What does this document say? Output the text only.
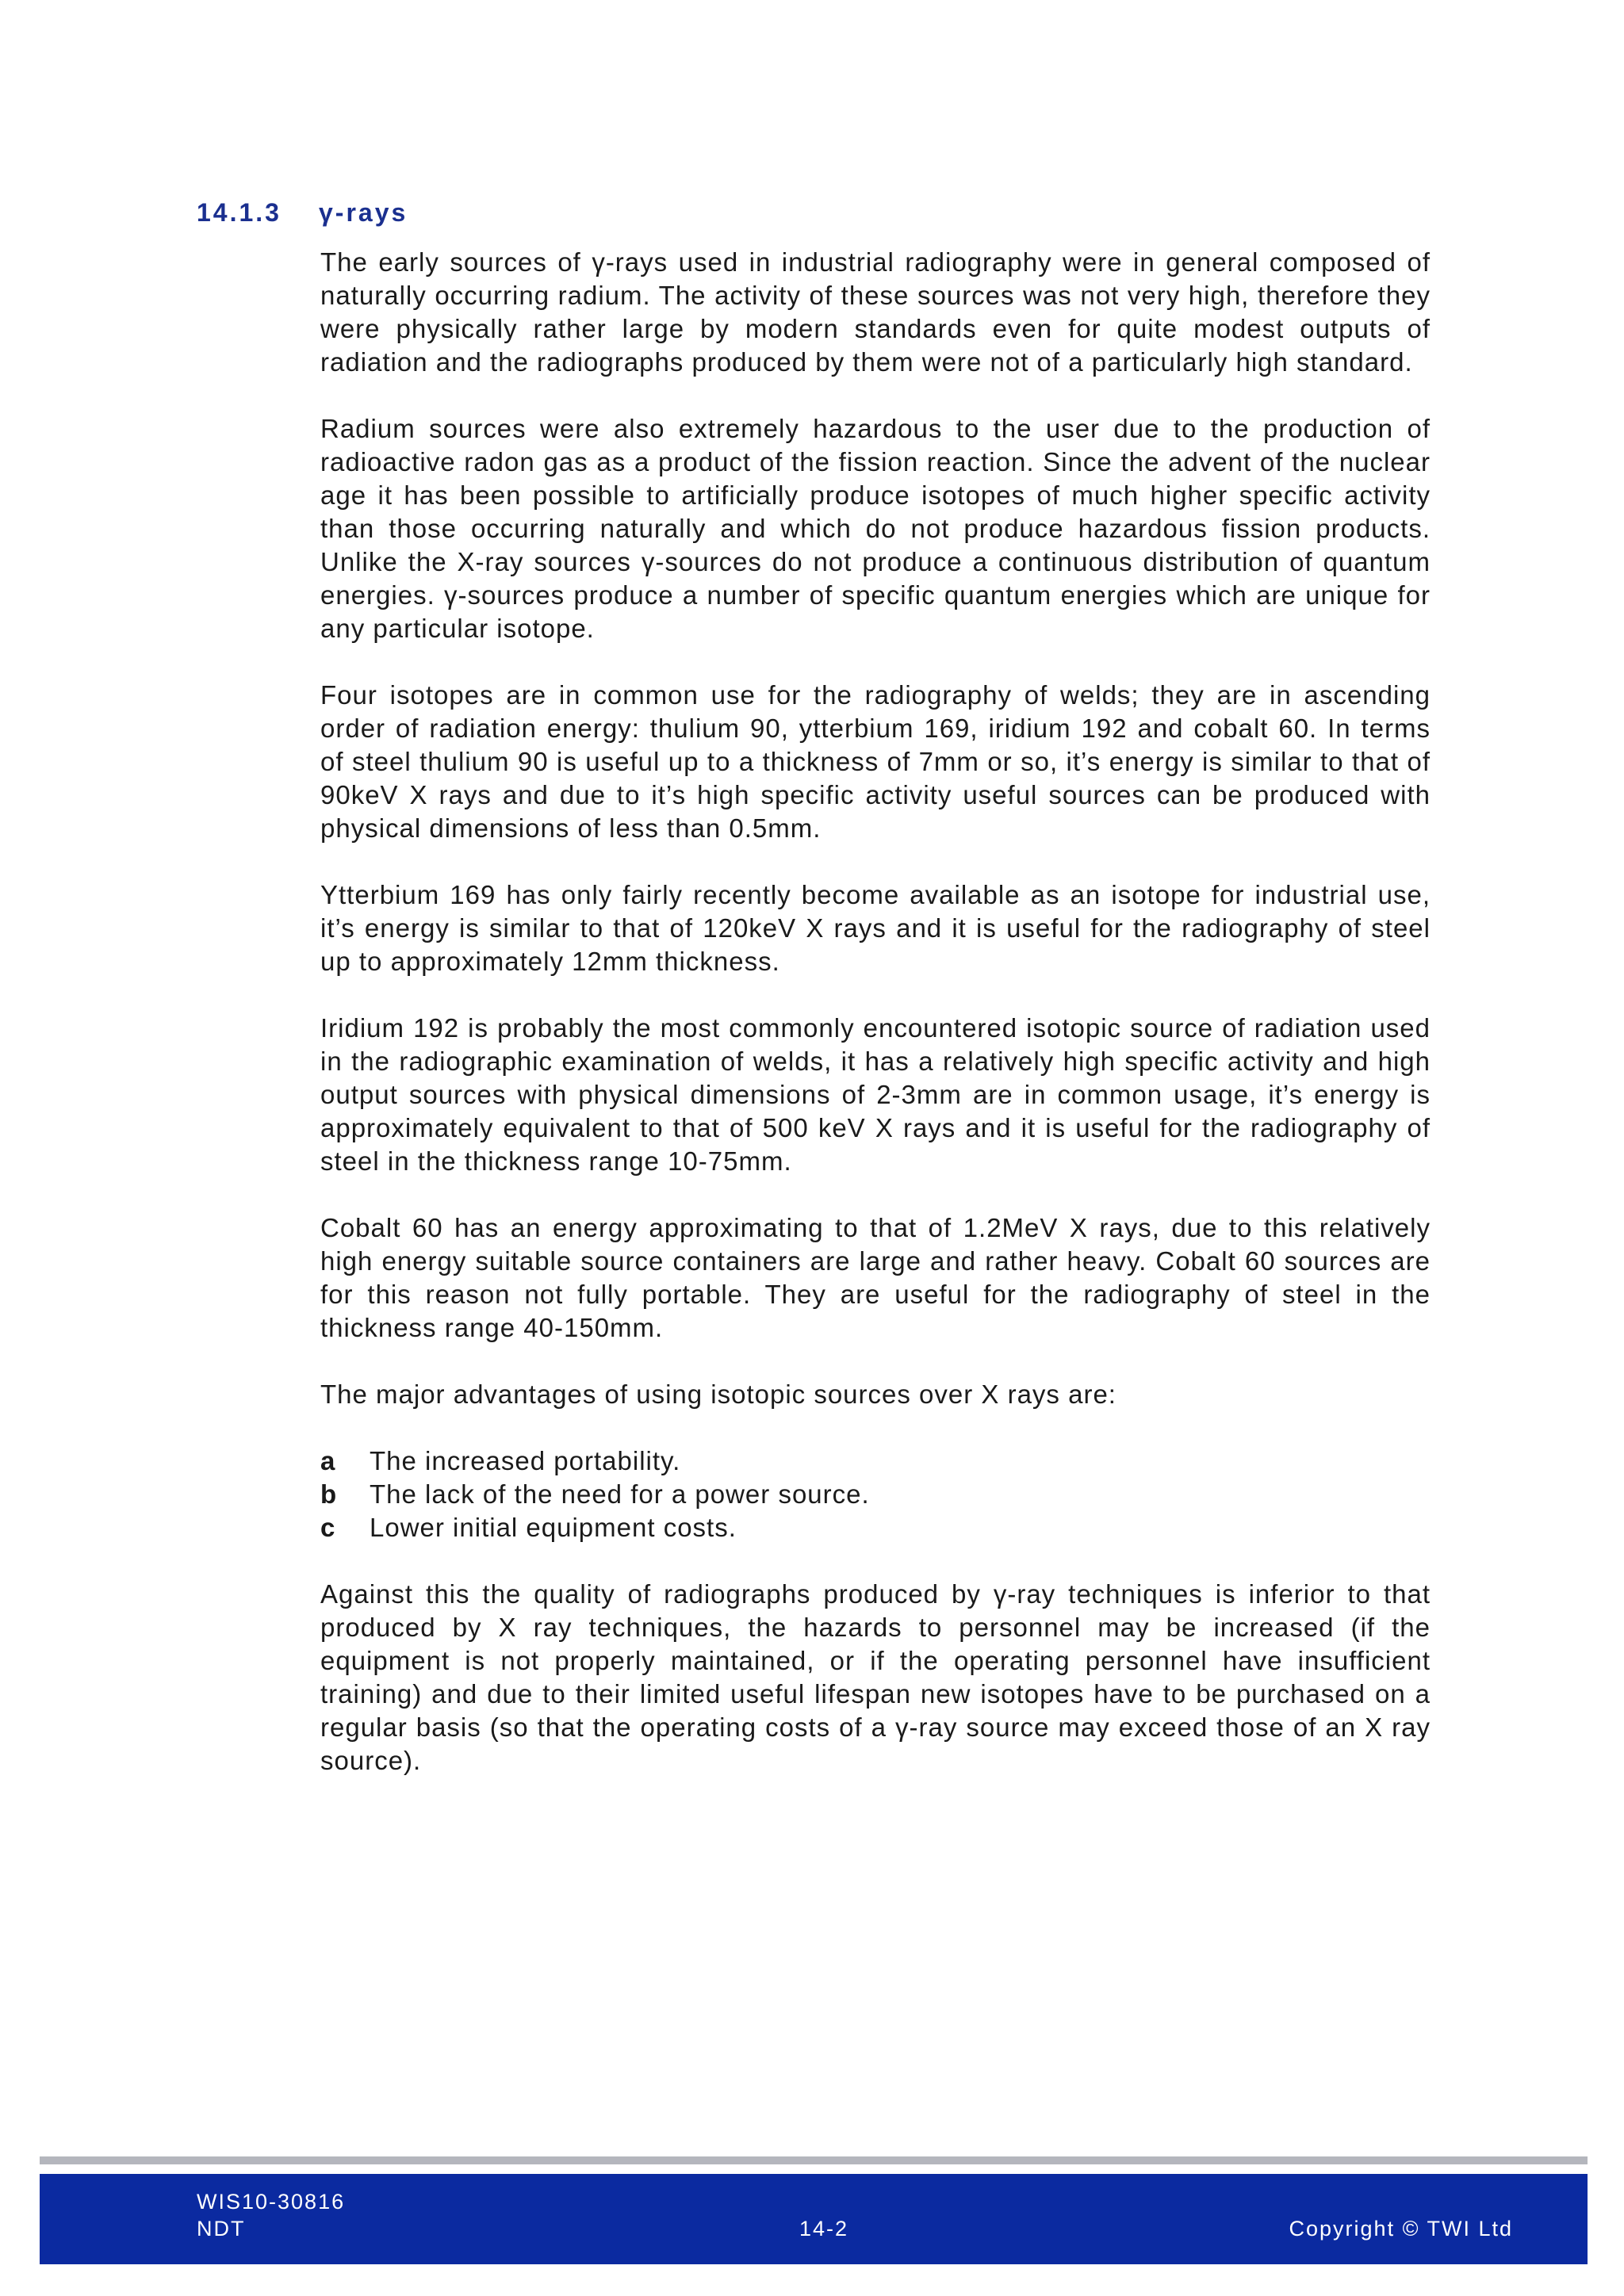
14.1.3 γ-rays

The early sources of γ-rays used in industrial radiography were in general composed of naturally occurring radium. The activity of these sources was not very high, therefore they were physically rather large by modern standards even for quite modest outputs of radiation and the radiographs produced by them were not of a particularly high standard.

Radium sources were also extremely hazardous to the user due to the production of radioactive radon gas as a product of the fission reaction. Since the advent of the nuclear age it has been possible to artificially produce isotopes of much higher specific activity than those occurring naturally and which do not produce hazardous fission products. Unlike the X-ray sources γ-sources do not produce a continuous distribution of quantum energies. γ-sources produce a number of specific quantum energies which are unique for any particular isotope.

Four isotopes are in common use for the radiography of welds; they are in ascending order of radiation energy: thulium 90, ytterbium 169, iridium 192 and cobalt 60. In terms of steel thulium 90 is useful up to a thickness of 7mm or so, it’s energy is similar to that of 90keV X rays and due to it’s high specific activity useful sources can be produced with physical dimensions of less than 0.5mm.

Ytterbium 169 has only fairly recently become available as an isotope for industrial use, it’s energy is similar to that of 120keV X rays and it is useful for the radiography of steel up to approximately 12mm thickness.

Iridium 192 is probably the most commonly encountered isotopic source of radiation used in the radiographic examination of welds, it has a relatively high specific activity and high output sources with physical dimensions of 2-3mm are in common usage, it’s energy is approximately equivalent to that of 500 keV X rays and it is useful for the radiography of steel in the thickness range 10-75mm.

Cobalt 60 has an energy approximating to that of 1.2MeV X rays, due to this relatively high energy suitable source containers are large and rather heavy. Cobalt 60 sources are for this reason not fully portable. They are useful for the radiography of steel in the thickness range 40-150mm.

The major advantages of using isotopic sources over X rays are:

a	The increased portability.
b	The lack of the need for a power source.
c	Lower initial equipment costs.

Against this the quality of radiographs produced by γ-ray techniques is inferior to that produced by X ray techniques, the hazards to personnel may be increased (if the equipment is not properly maintained, or if the operating personnel have insufficient training) and due to their limited useful lifespan new isotopes have to be purchased on a regular basis (so that the operating costs of a γ-ray source may exceed those of an X ray source).

WIS10-30816
NDT	14-2	Copyright © TWI Ltd
